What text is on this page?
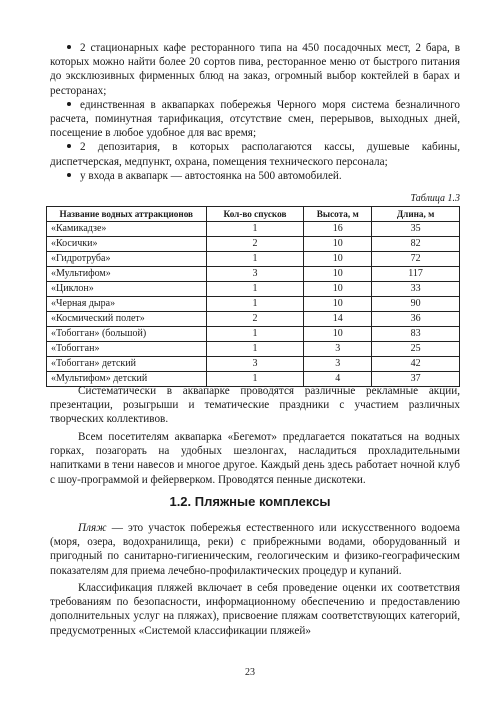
2 стационарных кафе ресторанного типа на 450 посадочных мест, 2 бара, в которых можно найти более 20 сортов пива, ресторанное меню от быстрого питания до эксклюзивных фирменных блюд на заказ, огромный выбор коктейлей в барах и ресторанах;

единственная в аквапарках побережья Черного моря система безналичного расчета, поминутная тарификация, отсутствие смен, перерывов, выходных дней, посещение в любое удобное для вас время;

2 депозитария, в которых располагаются кассы, душевые кабины, диспетчерская, медпункт, охрана, помещения технического персонала;

у входа в аквапарк — автостоянка на 500 автомобилей.

Таблица 1.3
Название водных аттракционов	Кол-во спусков	Высота, м	Длина, м
«Камикадзе»	1	16	35
«Косички»	2	10	82
«Гидротруба»	1	10	72
«Мультифом»	3	10	117
«Циклон»	1	10	33
«Черная дыра»	1	10	90
«Космический полет»	2	14	36
«Тобогган» (большой)	1	10	83
«Тобогган»	1	3	25
«Тобогган» детский	3	3	42
«Мультифом» детский	1	4	37

Систематически в аквапарке проводятся различные рекламные акции, презентации, розыгрыши и тематические праздники с участием различных творческих коллективов.

Всем посетителям аквапарка «Бегемот» предлагается покататься на водных горках, позагорать на удобных шезлонгах, насладиться прохладительными напитками в тени навесов и многое другое. Каждый день здесь работает ночной клуб с шоу-программой и фейерверком. Проводятся пенные дискотеки.

1.2. Пляжные комплексы

Пляж — это участок побережья естественного или искусственного водоема (моря, озера, водохранилища, реки) с прибрежными водами, оборудованный и пригодный по санитарно-гигиеническим, геологическим и физико-географическим показателям для приема лечебно-профилактических процедур и купаний.

Классификация пляжей включает в себя проведение оценки их соответствия требованиям по безопасности, информационному обеспечению и предоставлению дополнительных услуг на пляжах), присвоение пляжам соответствующих категорий, предусмотренных «Системой классификации пляжей»

23
